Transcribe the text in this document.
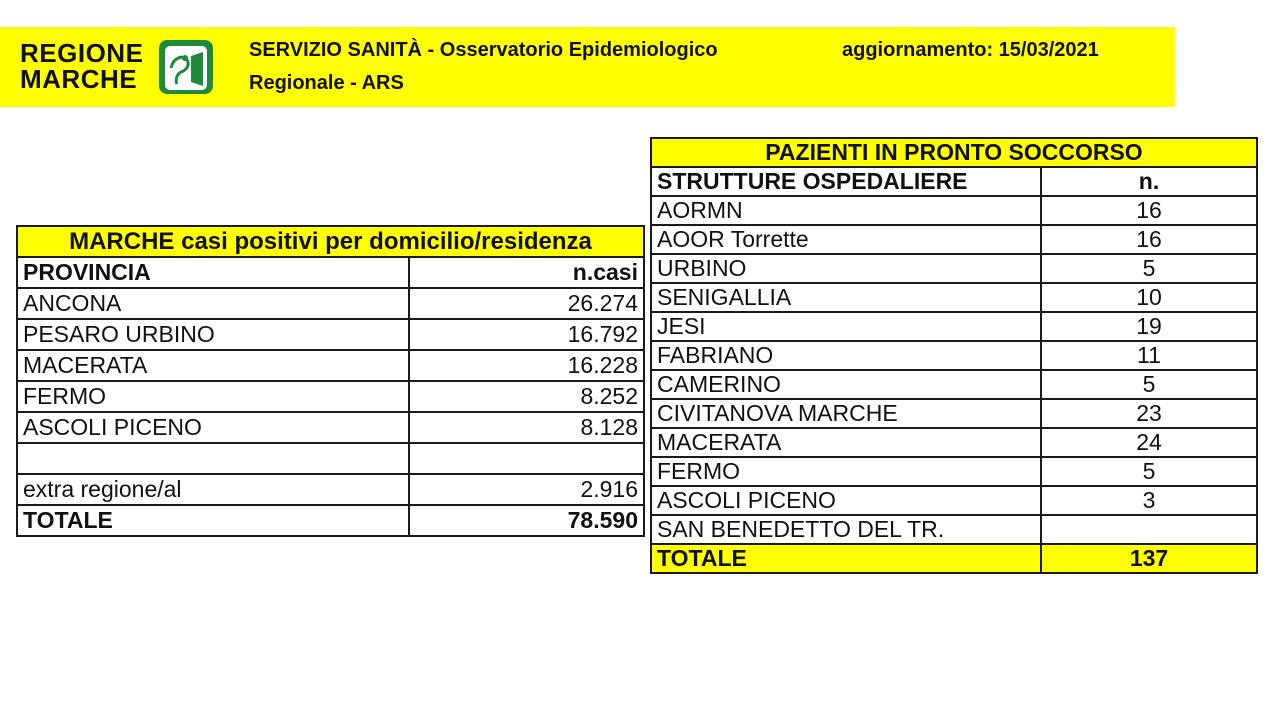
REGIONE
MARCHE
SERVIZIO SANITÀ - Osservatorio Epidemiologico
Regionale - ARS
aggiornamento: 15/03/2021
MARCHE casi positivi per domicilio/residenza	
PROVINCIA	n.casi
ANCONA	26.274
PESARO URBINO	16.792
MACERATA	16.228
FERMO	8.252
ASCOLI PICENO	8.128

extra regione/al	2.916
TOTALE	78.590
PAZIENTI IN PRONTO SOCCORSO	
STRUTTURE OSPEDALIERE	n.
AORMN	16
AOOR Torrette	16
URBINO	5
SENIGALLIA	10
JESI	19
FABRIANO	11
CAMERINO	5
CIVITANOVA MARCHE	23
MACERATA	24
FERMO	5
ASCOLI PICENO	3
SAN BENEDETTO DEL TR.	
TOTALE	137
